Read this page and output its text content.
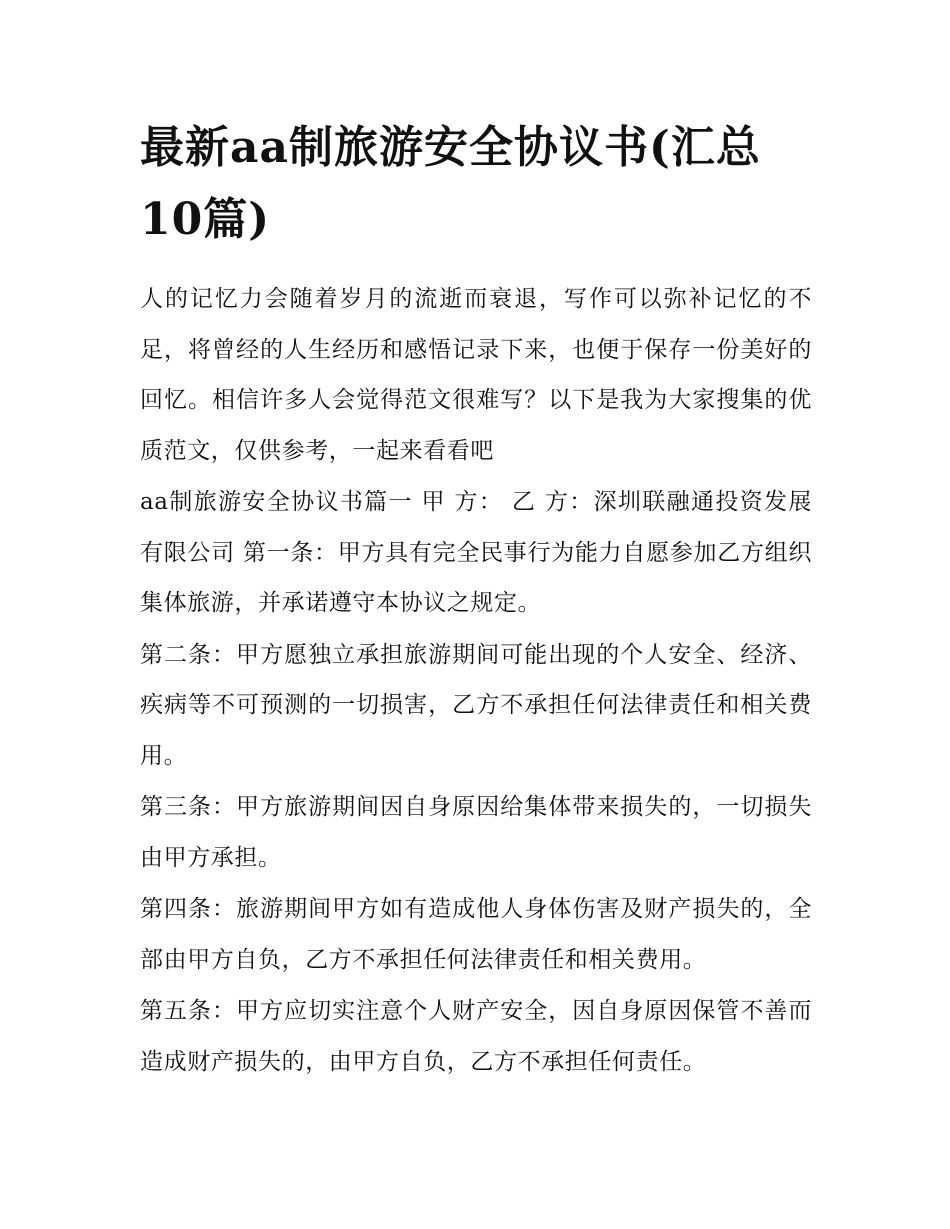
最新aa制旅游安全协议书(汇总10篇)

人的记忆力会随着岁月的流逝而衰退，写作可以弥补记忆的不足，将曾经的人生经历和感悟记录下来，也便于保存一份美好的回忆。相信许多人会觉得范文很难写？以下是我为大家搜集的优质范文，仅供参考，一起来看看吧

aa制旅游安全协议书篇一 甲 方： 乙 方：深圳联融通投资发展有限公司 第一条：甲方具有完全民事行为能力自愿参加乙方组织集体旅游，并承诺遵守本协议之规定。

第二条：甲方愿独立承担旅游期间可能出现的个人安全、经济、疾病等不可预测的一切损害，乙方不承担任何法律责任和相关费用。

第三条：甲方旅游期间因自身原因给集体带来损失的，一切损失由甲方承担。

第四条：旅游期间甲方如有造成他人身体伤害及财产损失的，全部由甲方自负，乙方不承担任何法律责任和相关费用。

第五条：甲方应切实注意个人财产安全，因自身原因保管不善而造成财产损失的，由甲方自负，乙方不承担任何责任。
